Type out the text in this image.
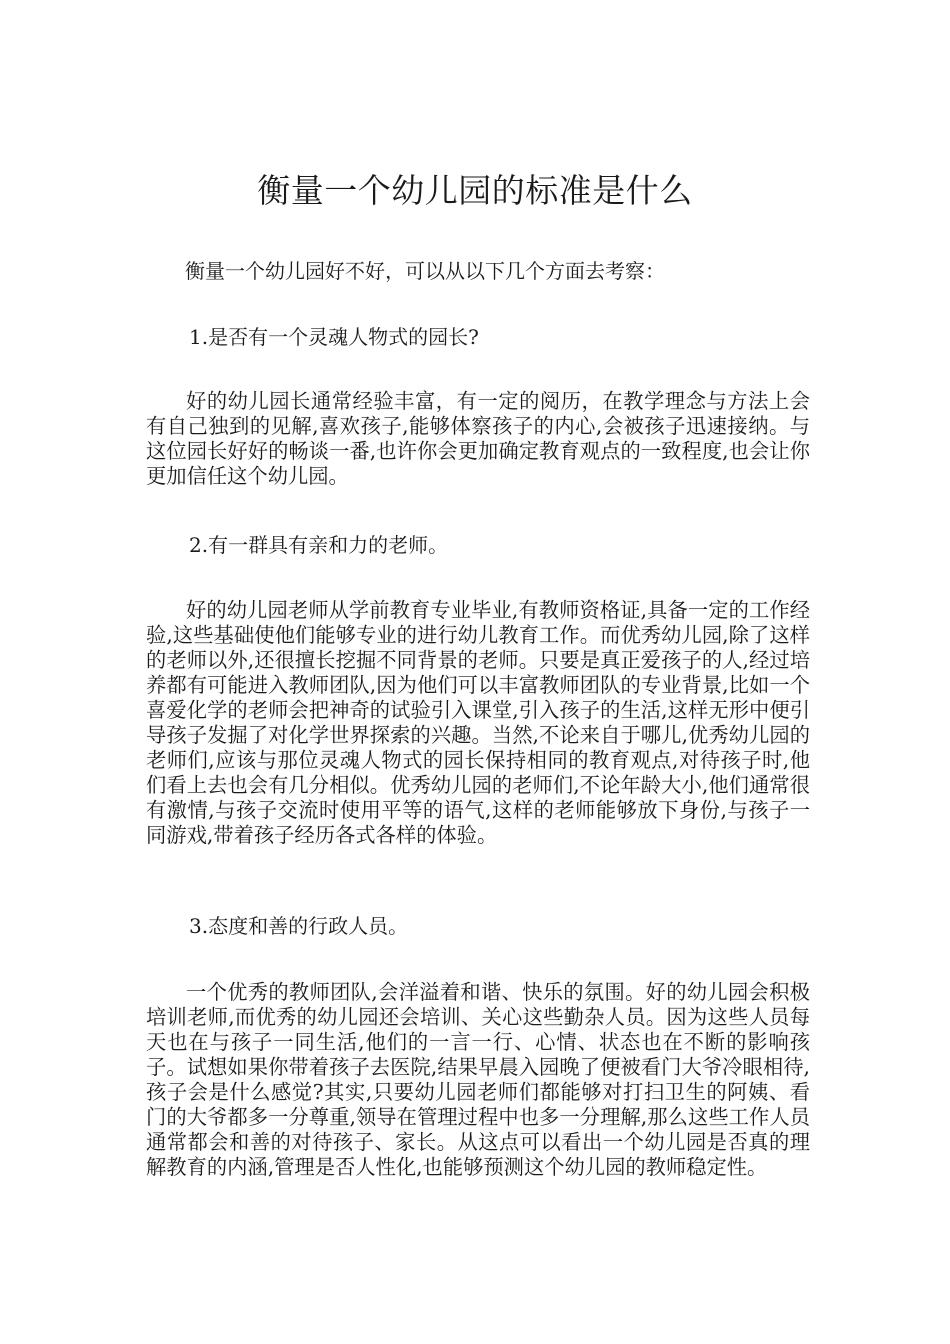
衡量一个幼儿园的标准是什么

衡量一个幼儿园好不好，可以从以下几个方面去考察：

1.是否有一个灵魂人物式的园长?

好的幼儿园长通常经验丰富，有一定的阅历，在教学理念与方法上会有自己独到的见解,喜欢孩子,能够体察孩子的内心,会被孩子迅速接纳。与这位园长好好的畅谈一番,也许你会更加确定教育观点的一致程度,也会让你更加信任这个幼儿园。

2.有一群具有亲和力的老师。

好的幼儿园老师从学前教育专业毕业,有教师资格证,具备一定的工作经验,这些基础使他们能够专业的进行幼儿教育工作。而优秀幼儿园,除了这样的老师以外,还很擅长挖掘不同背景的老师。只要是真正爱孩子的人,经过培养都有可能进入教师团队,因为他们可以丰富教师团队的专业背景,比如一个喜爱化学的老师会把神奇的试验引入课堂,引入孩子的生活,这样无形中便引导孩子发掘了对化学世界探索的兴趣。当然,不论来自于哪儿,优秀幼儿园的老师们,应该与那位灵魂人物式的园长保持相同的教育观点,对待孩子时,他们看上去也会有几分相似。优秀幼儿园的老师们,不论年龄大小,他们通常很有激情,与孩子交流时使用平等的语气,这样的老师能够放下身份,与孩子一同游戏,带着孩子经历各式各样的体验。

3.态度和善的行政人员。

一个优秀的教师团队,会洋溢着和谐、快乐的氛围。好的幼儿园会积极培训老师,而优秀的幼儿园还会培训、关心这些勤杂人员。因为这些人员每天也在与孩子一同生活,他们的一言一行、心情、状态也在不断的影响孩子。试想如果你带着孩子去医院,结果早晨入园晚了便被看门大爷冷眼相待,孩子会是什么感觉?其实,只要幼儿园老师们都能够对打扫卫生的阿姨、看门的大爷都多一分尊重,领导在管理过程中也多一分理解,那么这些工作人员通常都会和善的对待孩子、家长。从这点可以看出一个幼儿园是否真的理解教育的内涵,管理是否人性化,也能够预测这个幼儿园的教师稳定性。
